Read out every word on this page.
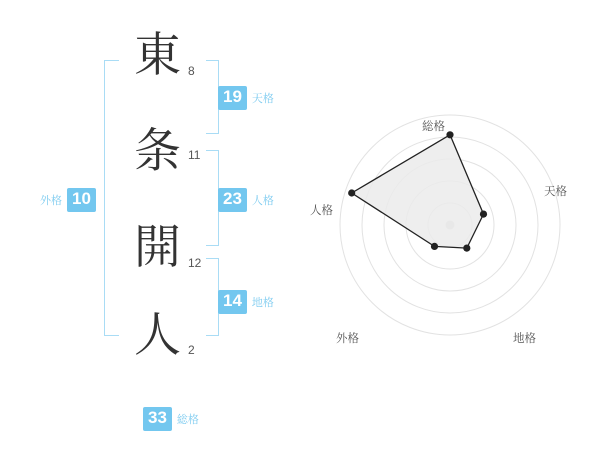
東 8
条 11
開 12
人 2
外格 10
19 天格
23 人格
14 地格
33 総格
総格
天格
地格
外格
人格
